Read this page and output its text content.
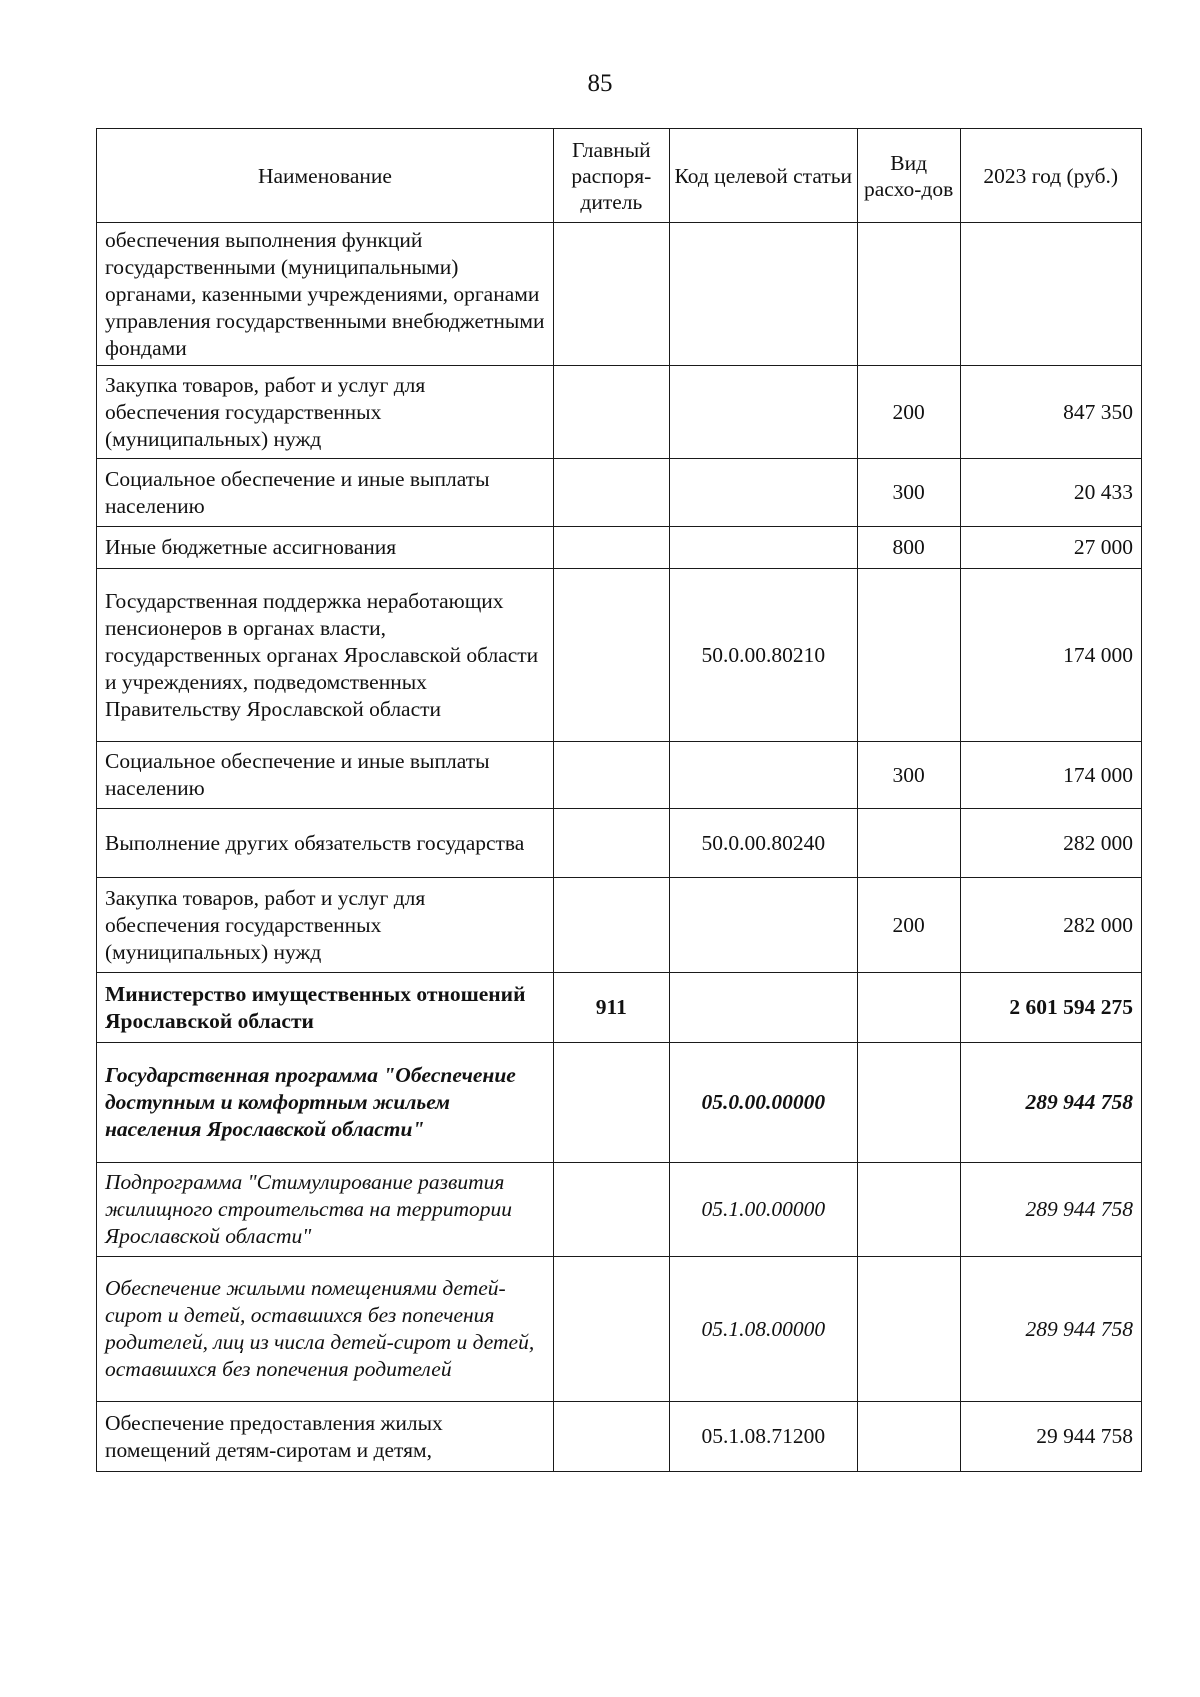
85
Наименование	Главный распоря-дитель	Код целевой статьи	Вид расхо-дов	2023 год (руб.)
обеспечения выполнения функций государственными (муниципальными) органами, казенными учреждениями, органами управления государственными внебюджетными фондами				
Закупка товаров, работ и услуг для обеспечения государственных (муниципальных) нужд			200	847 350
Социальное обеспечение и иные выплаты населению			300	20 433
Иные бюджетные ассигнования			800	27 000
Государственная поддержка неработающих пенсионеров в органах власти, государственных органах Ярославской области и учреждениях, подведомственных Правительству Ярославской области		50.0.00.80210		174 000
Социальное обеспечение и иные выплаты населению			300	174 000
Выполнение других обязательств государства		50.0.00.80240		282 000
Закупка товаров, работ и услуг для обеспечения государственных (муниципальных) нужд			200	282 000
Министерство имущественных отношений Ярославской области	911			2 601 594 275
Государственная программа "Обеспечение доступным и комфортным жильем населения Ярославской области"		05.0.00.00000		289 944 758
Подпрограмма "Стимулирование развития жилищного строительства на территории Ярославской области"		05.1.00.00000		289 944 758
Обеспечение жилыми помещениями детей-сирот и детей, оставшихся без попечения родителей, лиц из числа детей-сирот и детей, оставшихся без попечения родителей		05.1.08.00000		289 944 758
Обеспечение предоставления жилых помещений детям-сиротам и детям,		05.1.08.71200		29 944 758
